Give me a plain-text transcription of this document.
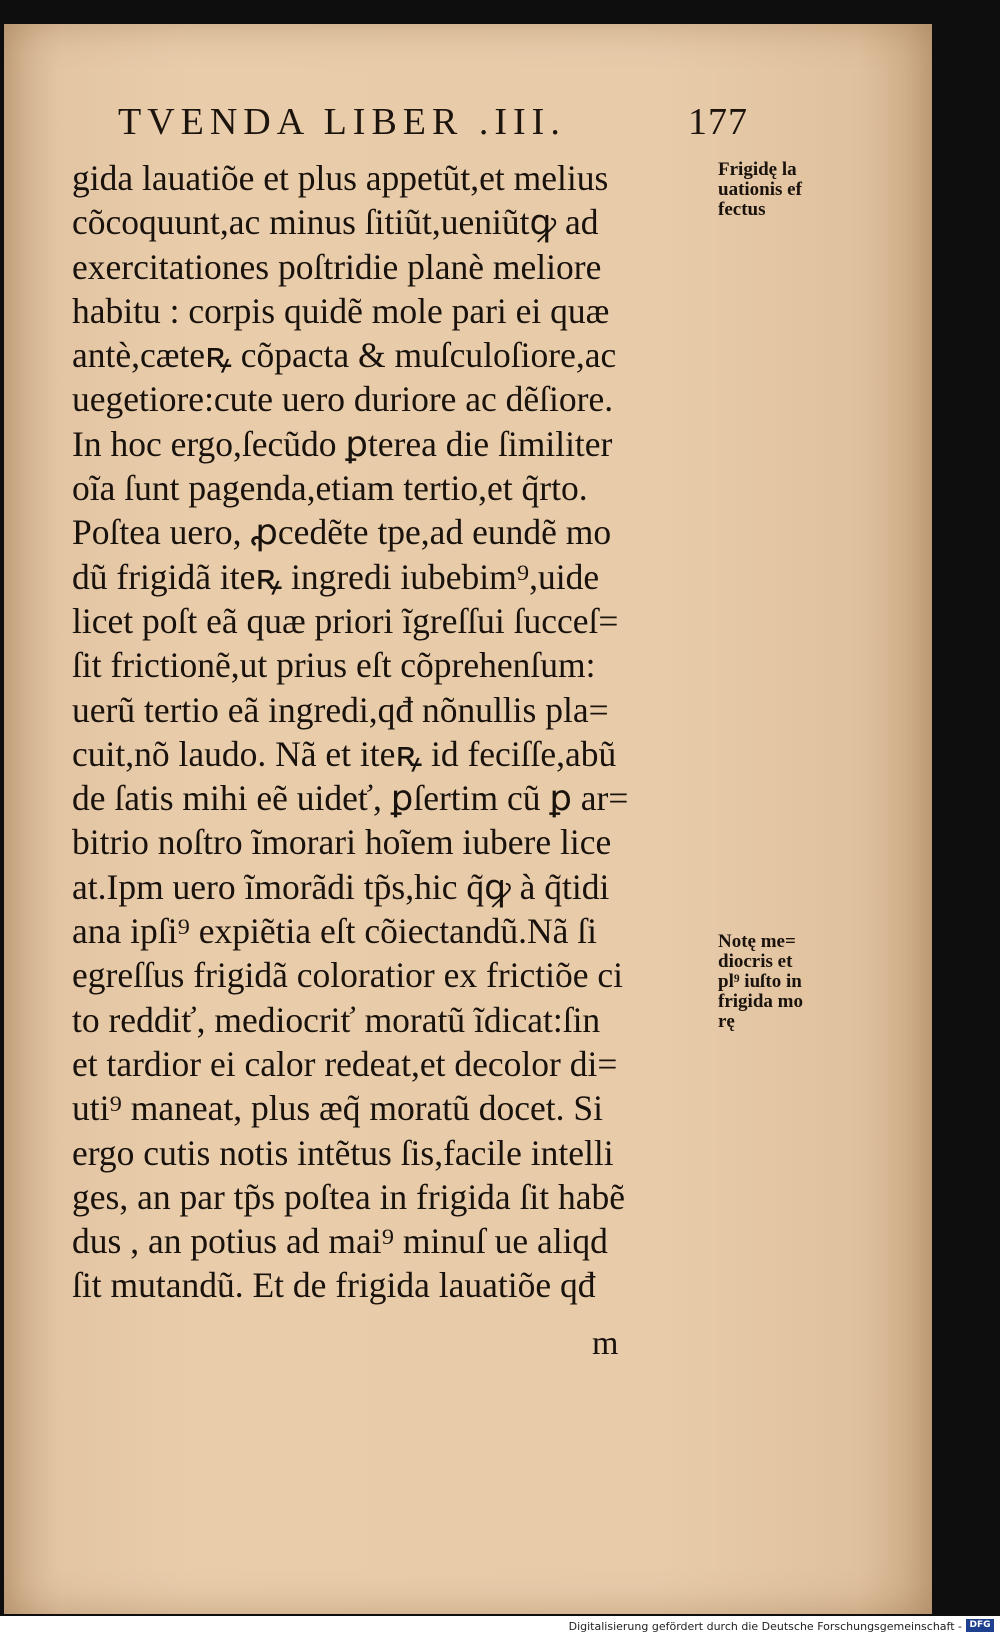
TVENDA LIBER .III.	177
gida lauatiõe et plus appetũt,et melius
cõcoquunt,ac minus ſitiũt,ueniũtꝙ ad
exercitationes poſtridie planè meliore
habitu : corpis quidẽ mole pari ei quæ
antè,cæteꝶ cõpacta & muſculoſiore,ac
uegetiore:cute uero duriore ac dẽſiore.
In hoc ergo,ſecũdo ꝑterea die ſimiliter
oĩa ſunt pagenda,etiam tertio,et q̃rto.
Poſtea uero, ꝓcedẽte tpe,ad eundẽ mo
dũ frigidã iteꝶ ingredi iubebim⁹,uide
licet poſt eã quæ priori ĩgreſſui ſucceſ=
ſit frictionẽ,ut prius eſt cõprehenſum:
uerũ tertio eã ingredi,qđ nõnullis pla=
cuit,nõ laudo. Nã et iteꝶ id feciſſe,abũ
de ſatis mihi eẽ uideť, ꝑſertim cũ ꝑ ar=
bitrio noſtro ĩmorari hoĩem iubere lice
at.Ipm uero ĩmorãdi tp̃s,hic q̃ꝙ à q̃tidi
ana ipſi⁹ expiẽtia eſt cõiectandũ.Nã ſi
egreſſus frigidã coloratior ex frictiõe ci
to reddiť, mediocriť moratũ ĩdicat:ſin
et tardior ei calor redeat,et decolor di=
uti⁹ maneat, plus æq̃ moratũ docet. Si
ergo cutis notis intẽtus ſis,facile intelli
ges, an par tp̃s poſtea in frigida ſit habẽ
dus , an potius ad mai⁹ minuſ ue aliqd
ſit mutandũ. Et de frigida lauatiõe qđ
m
Frigidę la
uationis ef
fectus
Notę me=
diocris et
pl⁹ iuſto in
frigida mo
rę
Digitalisierung gefördert durch die Deutsche Forschungsgemeinschaft - DFG
